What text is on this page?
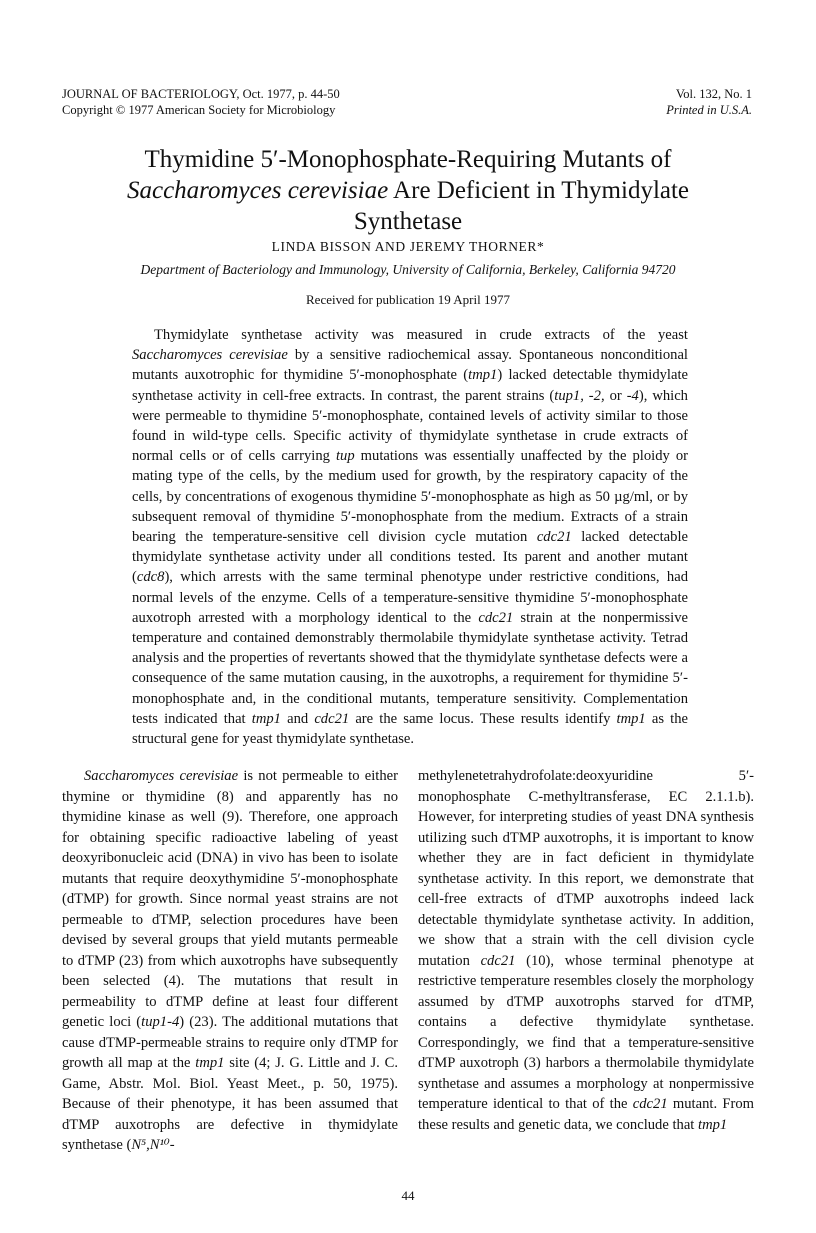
JOURNAL OF BACTERIOLOGY, Oct. 1977, p. 44-50
Copyright © 1977 American Society for Microbiology
Vol. 132, No. 1
Printed in U.S.A.
Thymidine 5′-Monophosphate-Requiring Mutants of
Saccharomyces cerevisiae Are Deficient in Thymidylate
Synthetase
LINDA BISSON AND JEREMY THORNER*
Department of Bacteriology and Immunology, University of California, Berkeley, California 94720
Received for publication 19 April 1977

Thymidylate synthetase activity was measured in crude extracts of the yeast Saccharomyces cerevisiae by a sensitive radiochemical assay. Spontaneous nonconditional mutants auxotrophic for thymidine 5′-monophosphate (tmp1) lacked detectable thymidylate synthetase activity in cell-free extracts. In contrast, the parent strains (tup1, -2, or -4), which were permeable to thymidine 5′-monophosphate, contained levels of activity similar to those found in wild-type cells. Specific activity of thymidylate synthetase in crude extracts of normal cells or of cells carrying tup mutations was essentially unaffected by the ploidy or mating type of the cells, by the medium used for growth, by the respiratory capacity of the cells, by concentrations of exogenous thymidine 5′-monophosphate as high as 50 µg/ml, or by subsequent removal of thymidine 5′-monophosphate from the medium. Extracts of a strain bearing the temperature-sensitive cell division cycle mutation cdc21 lacked detectable thymidylate synthetase activity under all conditions tested. Its parent and another mutant (cdc8), which arrests with the same terminal phenotype under restrictive conditions, had normal levels of the enzyme. Cells of a temperature-sensitive thymidine 5′-monophosphate auxotroph arrested with a morphology identical to the cdc21 strain at the nonpermissive temperature and contained demonstrably thermolabile thymidylate synthetase activity. Tetrad analysis and the properties of revertants showed that the thymidylate synthetase defects were a consequence of the same mutation causing, in the auxotrophs, a requirement for thymidine 5′-monophosphate and, in the conditional mutants, temperature sensitivity. Complementation tests indicated that tmp1 and cdc21 are the same locus. These results identify tmp1 as the structural gene for yeast thymidylate synthetase.

Saccharomyces cerevisiae is not permeable to either thymine or thymidine (8) and apparently has no thymidine kinase as well (9). Therefore, one approach for obtaining specific radioactive labeling of yeast deoxyribonucleic acid (DNA) in vivo has been to isolate mutants that require deoxythymidine 5′-monophosphate (dTMP) for growth. Since normal yeast strains are not permeable to dTMP, selection procedures have been devised by several groups that yield mutants permeable to dTMP (23) from which auxotrophs have subsequently been selected (4). The mutations that result in permeability to dTMP define at least four different genetic loci (tup1-4) (23). The additional mutations that cause dTMP-permeable strains to require only dTMP for growth all map at the tmp1 site (4; J. G. Little and J. C. Game, Abstr. Mol. Biol. Yeast Meet., p. 50, 1975). Because of their phenotype, it has been assumed that dTMP auxotrophs are defective in thymidylate synthetase (N⁵,N¹⁰-

methylenetetrahydrofolate:deoxyuridine 5′-monophosphate C-methyltransferase, EC 2.1.1.b). However, for interpreting studies of yeast DNA synthesis utilizing such dTMP auxotrophs, it is important to know whether they are in fact deficient in thymidylate synthetase activity. In this report, we demonstrate that cell-free extracts of dTMP auxotrophs indeed lack detectable thymidylate synthetase activity. In addition, we show that a strain with the cell division cycle mutation cdc21 (10), whose terminal phenotype at restrictive temperature resembles closely the morphology assumed by dTMP auxotrophs starved for dTMP, contains a defective thymidylate synthetase. Correspondingly, we find that a temperature-sensitive dTMP auxotroph (3) harbors a thermolabile thymidylate synthetase and assumes a morphology at nonpermissive temperature identical to that of the cdc21 mutant. From these results and genetic data, we conclude that tmp1

44
